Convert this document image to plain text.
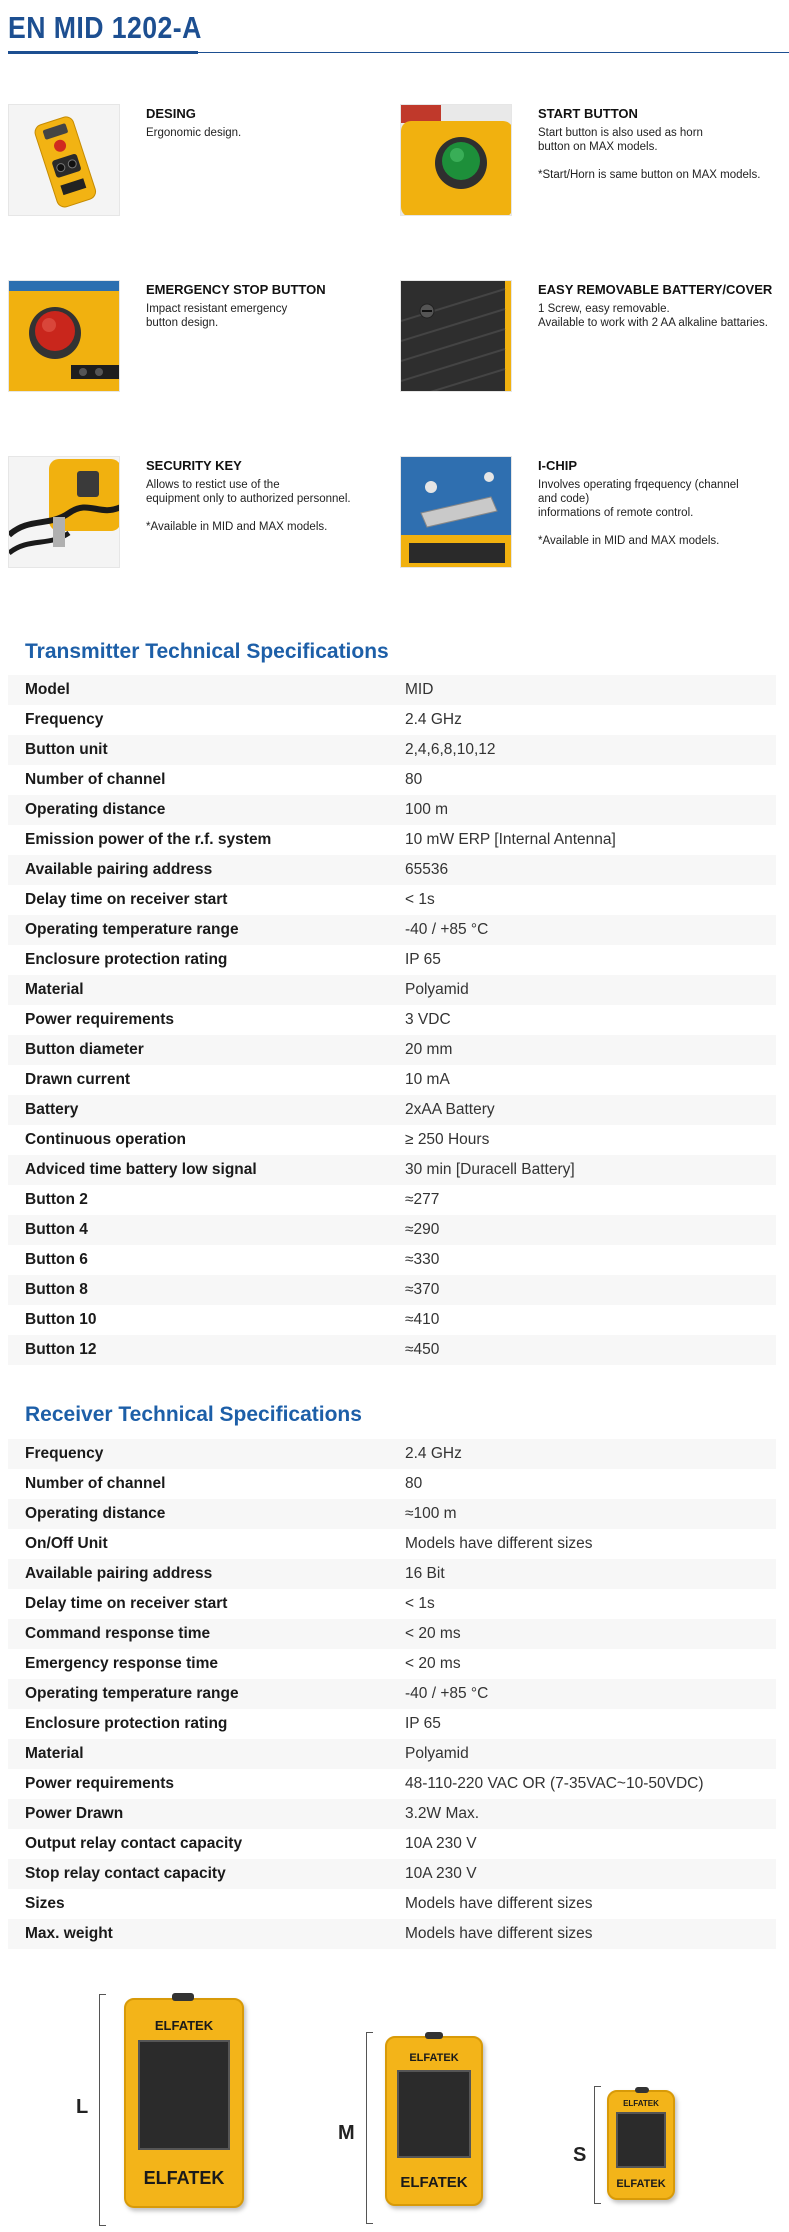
EN MID 1202-A
DESING
Ergonomic design.
START BUTTON
Start button is also used as horn
button on MAX models.

*Start/Horn is same button on MAX models.
EMERGENCY STOP BUTTON
Impact resistant emergency
button design.
EASY REMOVABLE BATTERY/COVER
1 Screw, easy removable.
Available to work with 2 AA alkaline battaries.
SECURITY KEY
Allows to restict use of the
equipment only to authorized personnel.

*Available in MID and MAX models.
I-CHIP
Involves operating frqequency (channel
and code)
informations of remote control.

*Available in MID and MAX models.
Transmitter Technical Specifications
Model	MID
Frequency	2.4 GHz
Button unit	2,4,6,8,10,12
Number of channel	80
Operating distance	100 m
Emission power of the r.f. system	10 mW ERP [Internal Antenna]
Available pairing address	65536
Delay time on receiver start	< 1s
Operating temperature range	-40 / +85 °C
Enclosure protection rating	IP 65
Material	Polyamid
Power requirements	3 VDC
Button diameter	20 mm
Drawn current	10 mA
Battery	2xAA Battery
Continuous operation	≥ 250 Hours
Adviced time battery low signal	30 min [Duracell Battery]
Button 2	≈277
Button 4	≈290
Button 6	≈330
Button 8	≈370
Button 10	≈410
Button 12	≈450
Receiver Technical Specifications
Frequency	2.4 GHz
Number of channel	80
Operating distance	≈100 m
On/Off Unit	Models have different sizes
Available pairing address	16 Bit
Delay time on receiver start	< 1s
Command response time	< 20 ms
Emergency response time	< 20 ms
Operating temperature range	-40 / +85 °C
Enclosure protection rating	IP 65
Material	Polyamid
Power requirements	48-110-220 VAC OR (7-35VAC~10-50VDC)
Power Drawn	3.2W Max.
Output relay contact capacity	10A 230 V
Stop relay contact capacity	10A 230 V
Sizes	Models have different sizes
Max. weight	Models have different sizes
L
ELFATEK
ELFATEK
M
ELFATEK
ELFATEK
S
ELFATEK
ELFATEK
